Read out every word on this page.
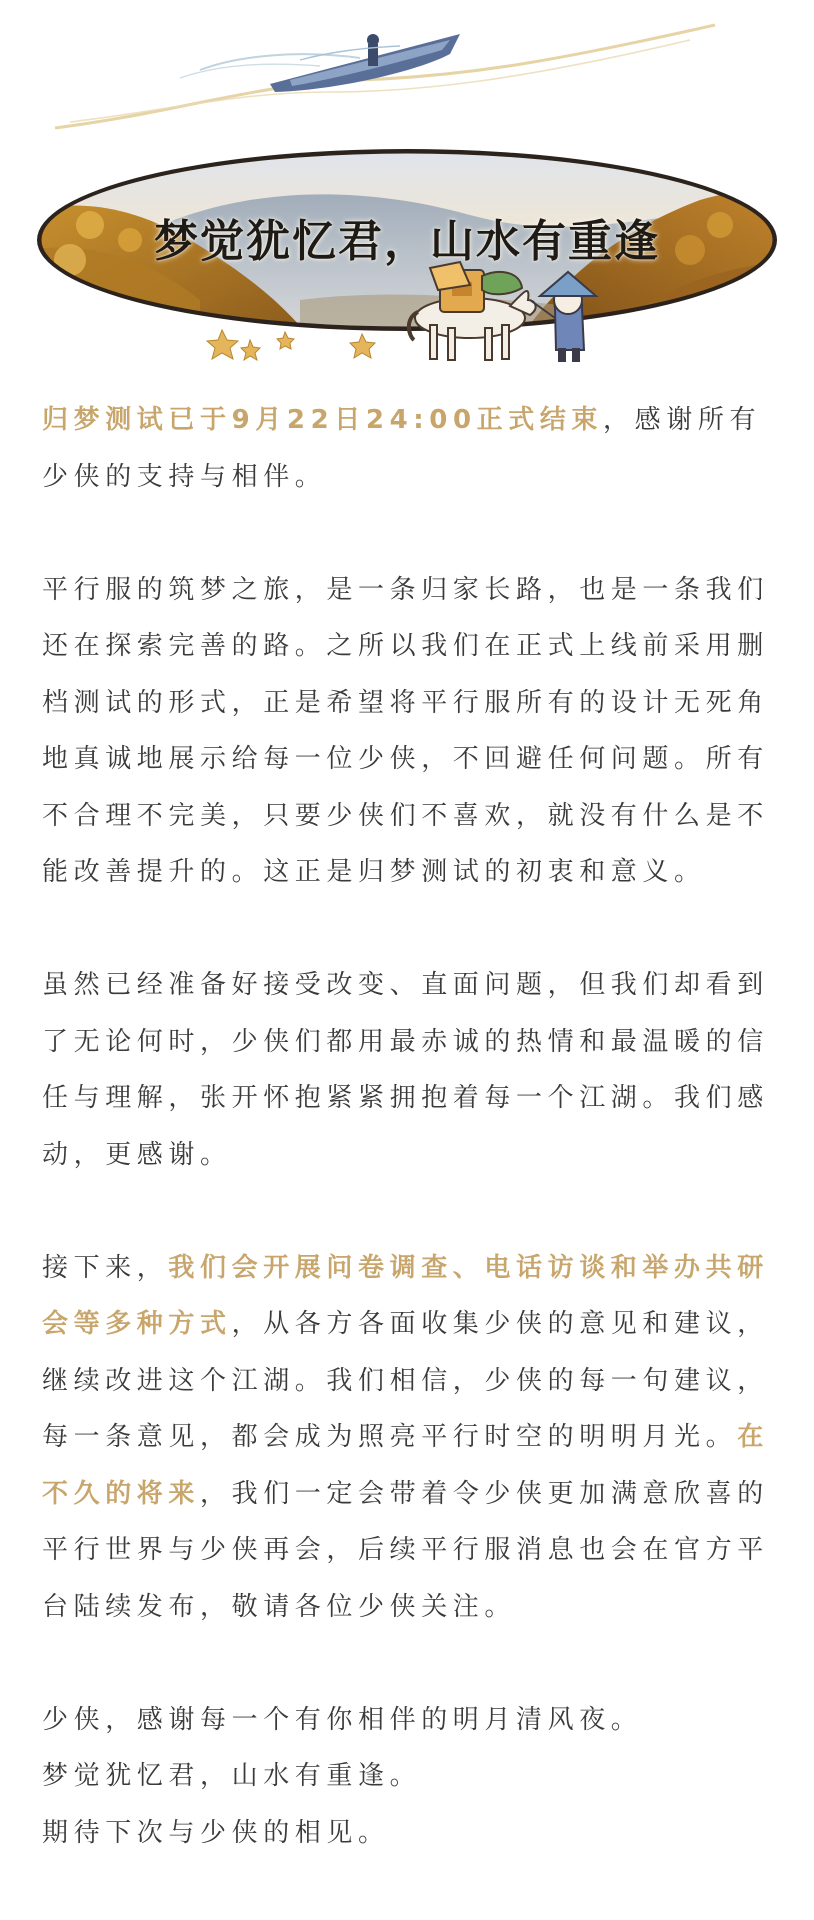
梦觉犹忆君，山水有重逢

归梦测试已于9月22日24:00正式结束，感谢所有少侠的支持与相伴。

平行服的筑梦之旅，是一条归家长路，也是一条我们还在探索完善的路。之所以我们在正式上线前采用删档测试的形式，正是希望将平行服所有的设计无死角地真诚地展示给每一位少侠，不回避任何问题。所有不合理不完美，只要少侠们不喜欢，就没有什么是不能改善提升的。这正是归梦测试的初衷和意义。

虽然已经准备好接受改变、直面问题，但我们却看到了无论何时，少侠们都用最赤诚的热情和最温暖的信任与理解，张开怀抱紧紧拥抱着每一个江湖。我们感动，更感谢。

接下来，我们会开展问卷调查、电话访谈和举办共研会等多种方式，从各方各面收集少侠的意见和建议，继续改进这个江湖。我们相信，少侠的每一句建议，每一条意见，都会成为照亮平行时空的明明月光。在不久的将来，我们一定会带着令少侠更加满意欣喜的平行世界与少侠再会，后续平行服消息也会在官方平台陆续发布，敬请各位少侠关注。

少侠，感谢每一个有你相伴的明月清风夜。
梦觉犹忆君，山水有重逢。
期待下次与少侠的相见。
